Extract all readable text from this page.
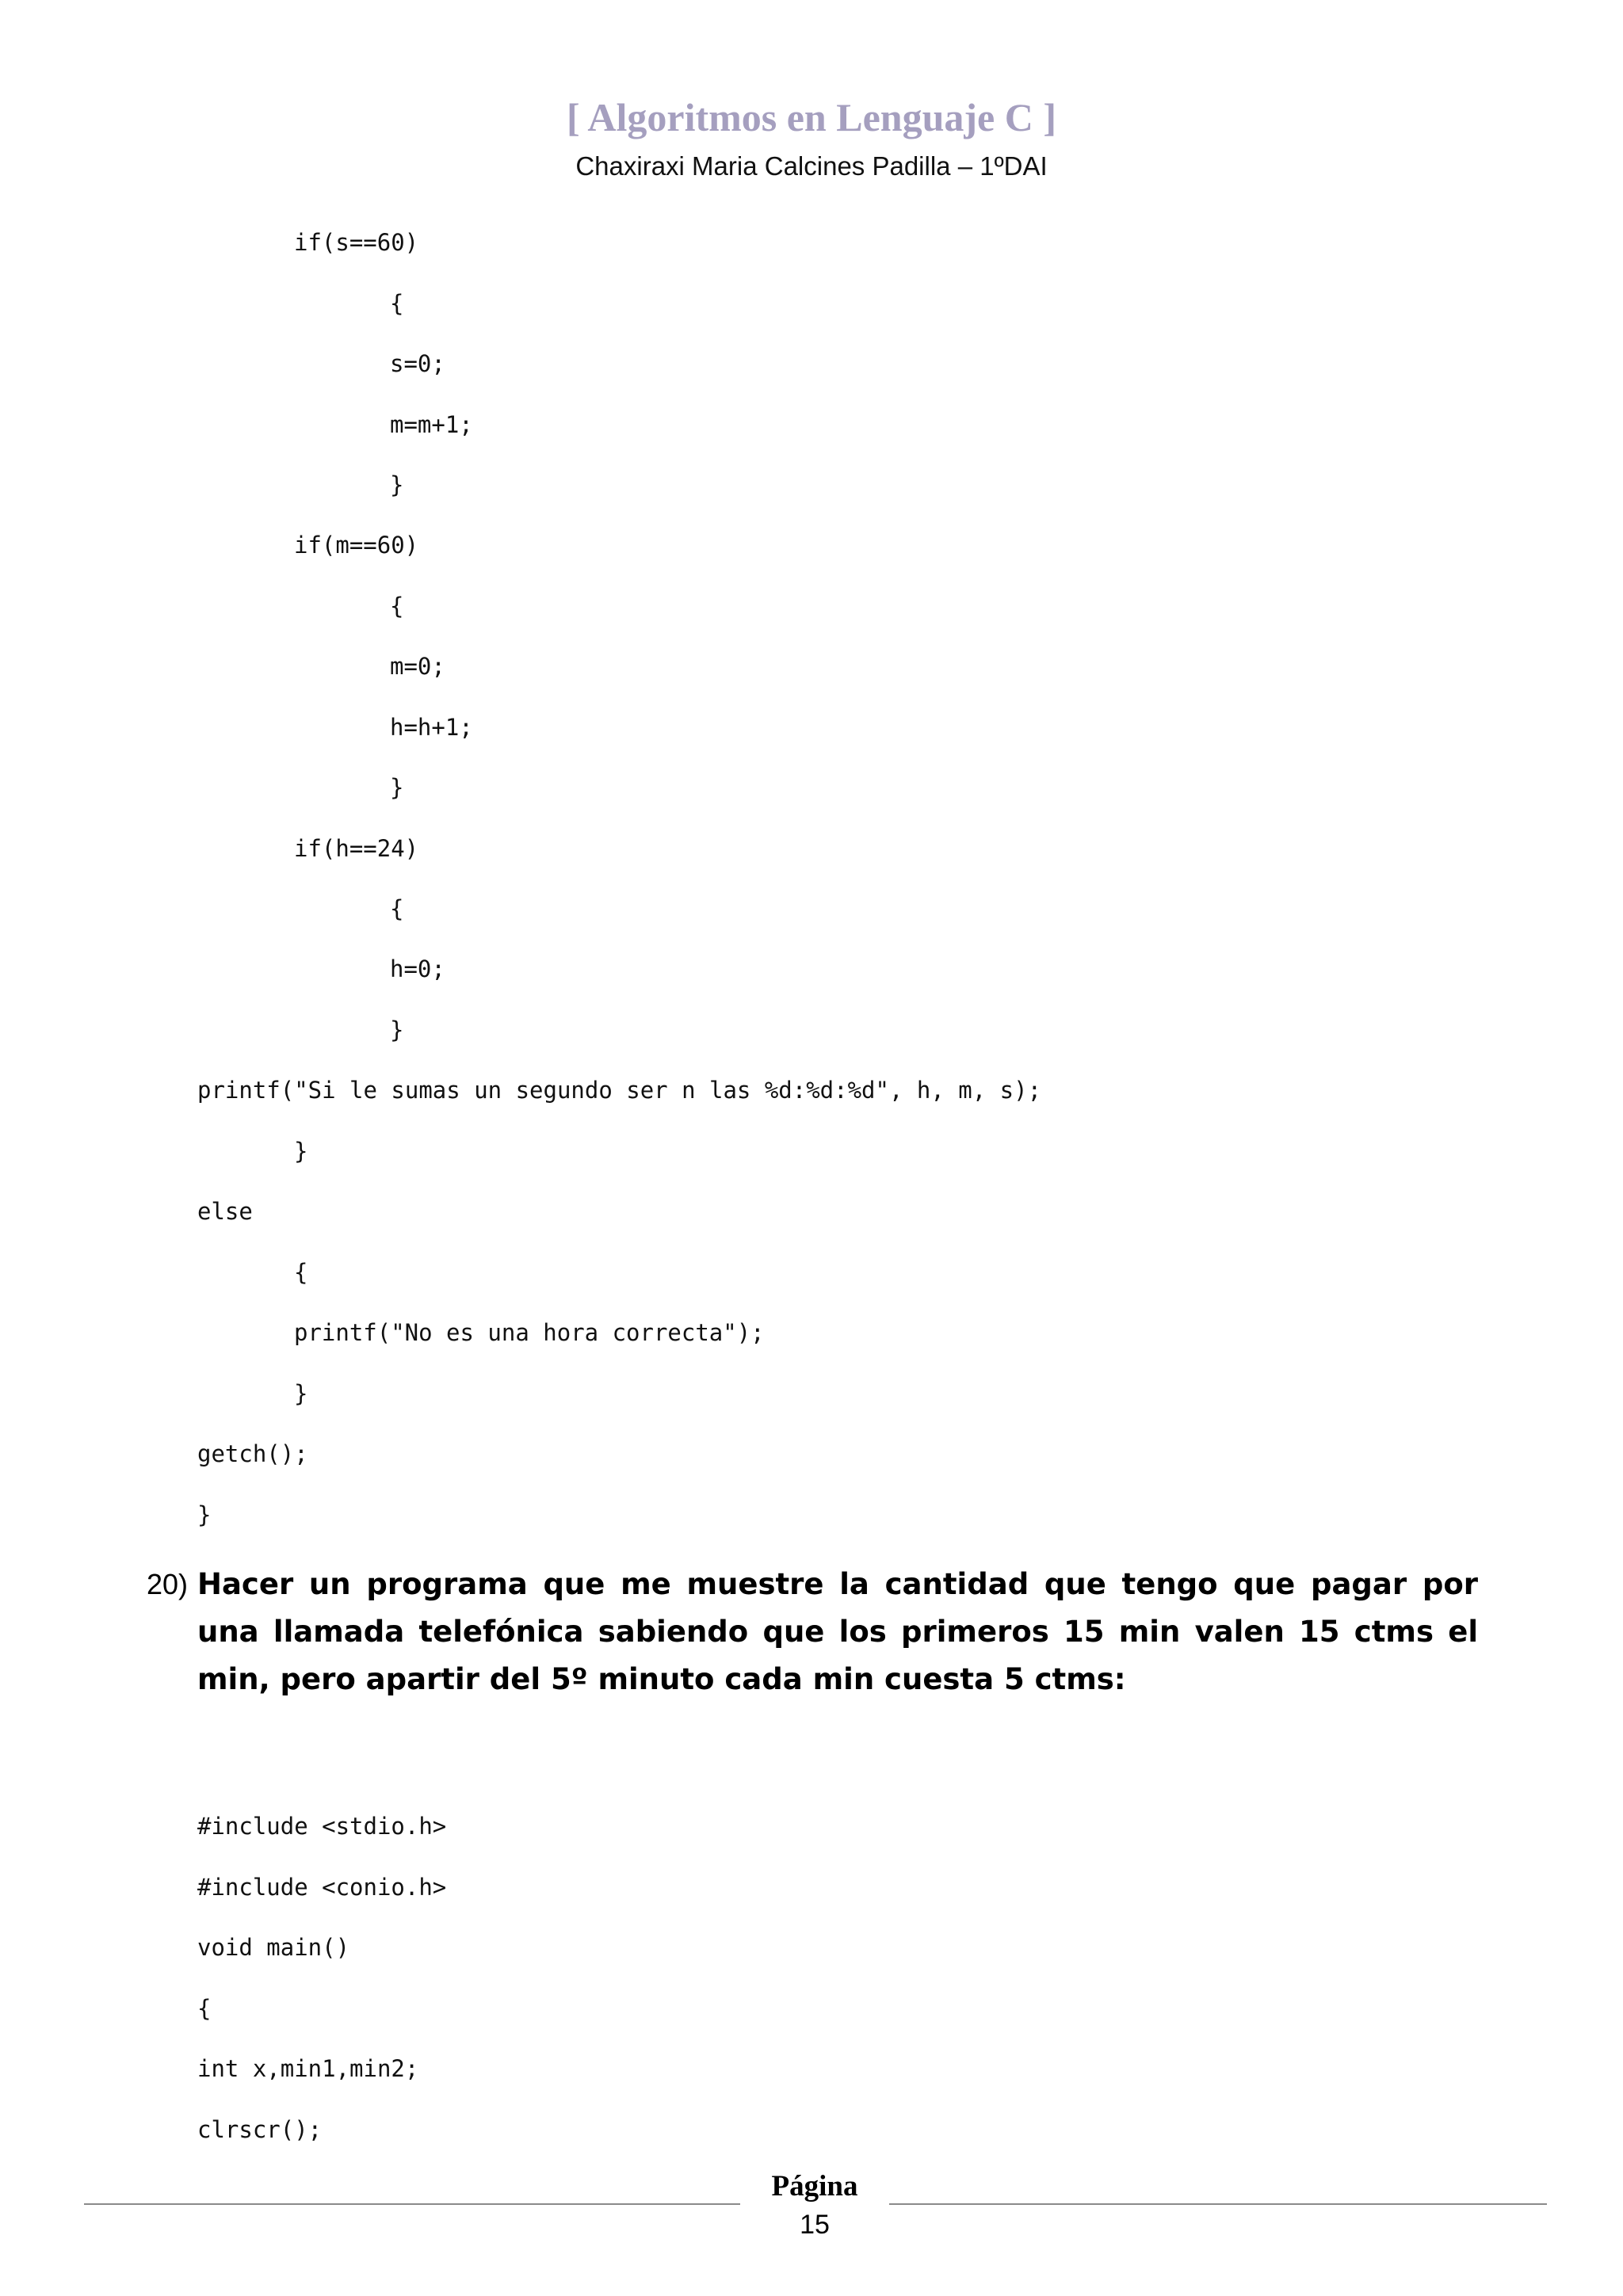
[ Algoritmos en Lenguaje C ]
Chaxiraxi Maria Calcines Padilla – 1ºDAI
if(s==60)
{
s=0;
m=m+1;
}
if(m==60)
{
m=0;
h=h+1;
}
if(h==24)
{
h=0;
}
printf("Si le sumas un segundo ser n las %d:%d:%d", h, m, s);
}
else
{
printf("No es una hora correcta");
}
getch();
}
20) Hacer un programa que me muestre la cantidad que tengo que pagar por una llamada telefónica sabiendo que los primeros 15 min valen 15 ctms el min, pero apartir del 5º minuto cada min cuesta 5 ctms:
#include <stdio.h>
#include <conio.h>
void main()
{
int x,min1,min2;
clrscr();
Página
15
